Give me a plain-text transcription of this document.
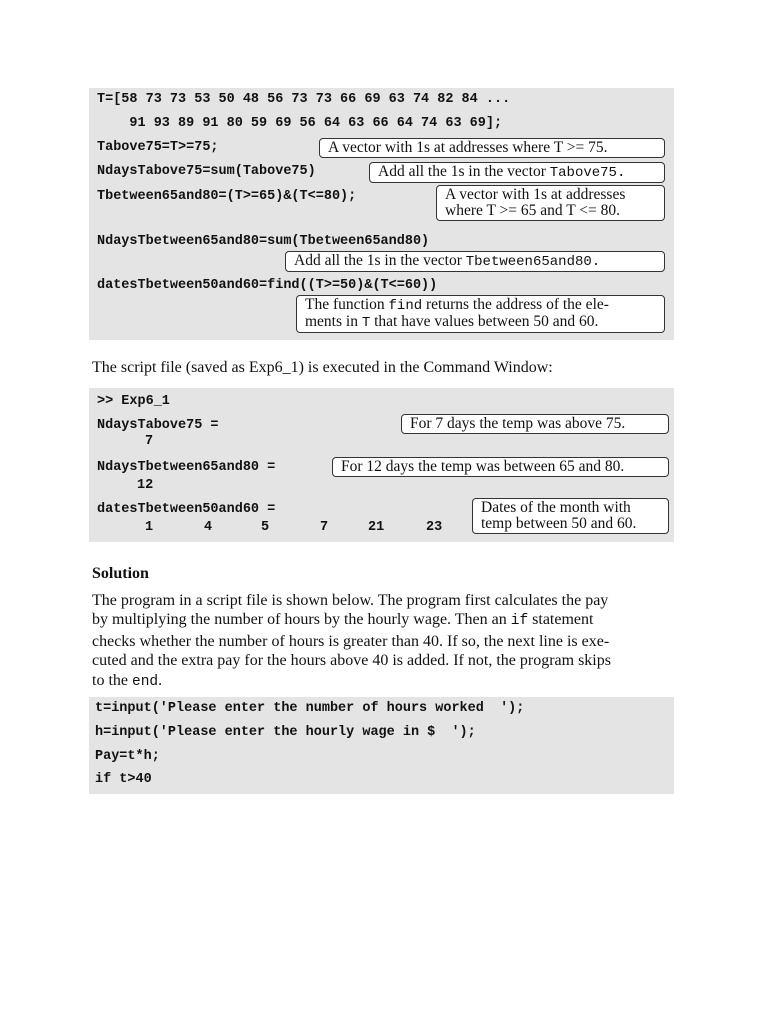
T=[58 73 73 53 50 48 56 73 73 66 69 63 74 82 84 ...
91 93 89 91 80 59 69 56 64 63 66 64 74 63 69];
Tabove75=T>=75;
NdaysTabove75=sum(Tabove75)
Tbetween65and80=(T>=65)&(T<=80);
NdaysTbetween65and80=sum(Tbetween65and80)
datesTbetween50and60=find((T>=50)&(T<=60))
A vector with 1s at addresses where T >= 75.
Add all the 1s in the vector Tabove75.
A vector with 1s at addresses
where T >= 65 and T <= 80.
Add all the 1s in the vector Tbetween65and80.
The function find returns the address of the ele-
ments in T that have values between 50 and 60.

The script file (saved as Exp6_1) is executed in the Command Window:

>> Exp6_1
NdaysTabove75 =
7
NdaysTbetween65and80 =
12
datesTbetween50and60 =
1	4	5	7	21	23
For 7 days the temp was above 75.
For 12 days the temp was between 65 and 80.
Dates of the month with
temp between 50 and 60.

Solution

The program in a script file is shown below. The program first calculates the pay
by multiplying the number of hours by the hourly wage. Then an if statement
checks whether the number of hours is greater than 40. If so, the next line is exe-
cuted and the extra pay for the hours above 40 is added. If not, the program skips
to the end.
t=input('Please enter the number of hours worked  ');
h=input('Please enter the hourly wage in $  ');
Pay=t*h;
if t>40
